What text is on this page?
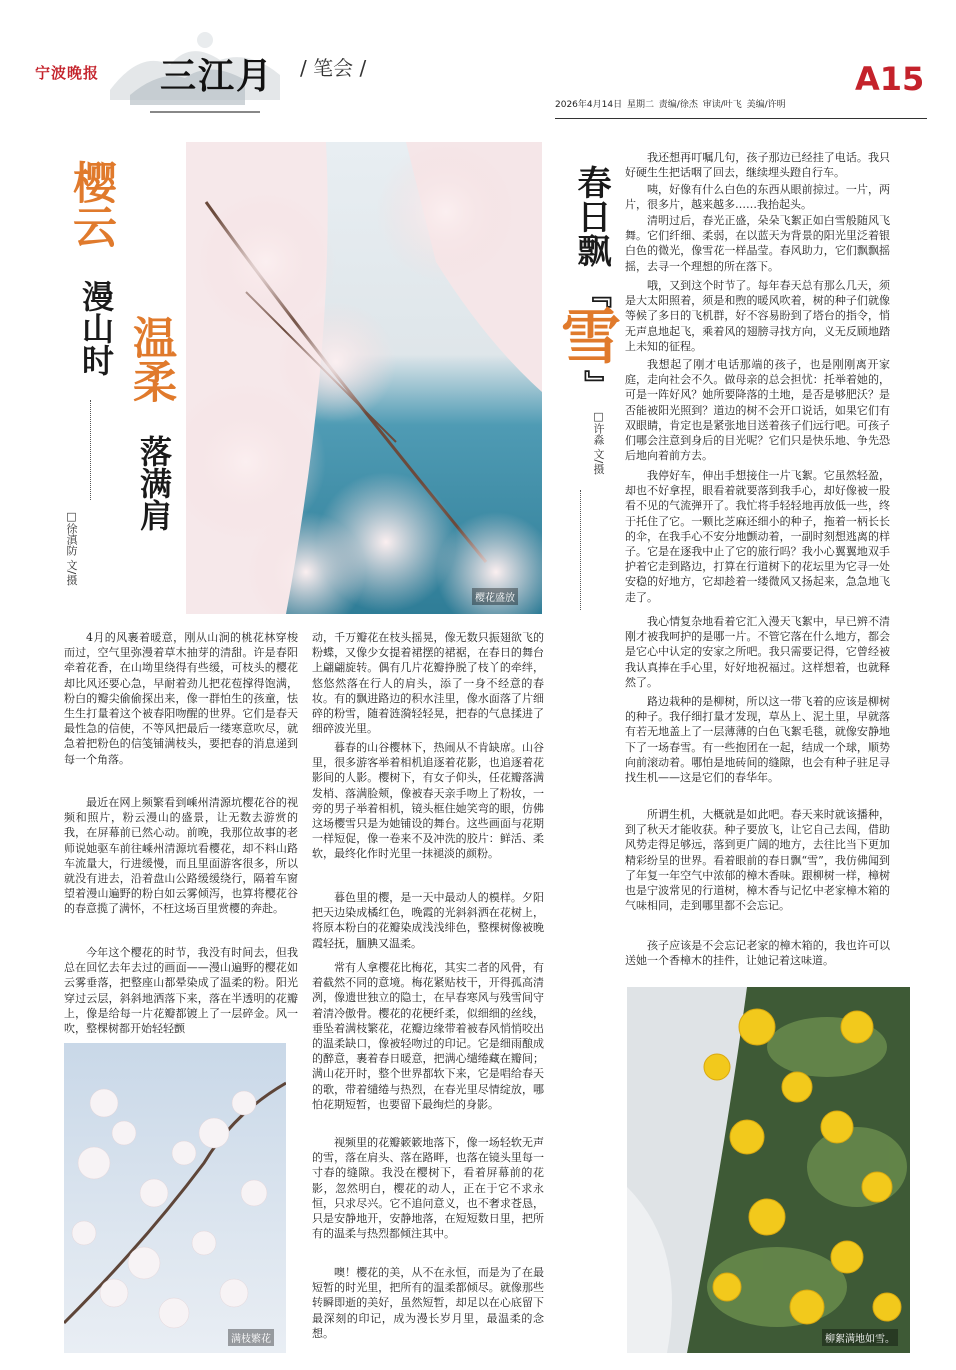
宁波晚报 三江月 / 笔会 /	A15
2026年4月14日 星期二 责编/徐杰 审读/叶飞 美编/许明
樱云
漫山时 温柔
落满肩
□徐滇防 文/摄
樱花盛放

4月的风裹着暖意，刚从山涧的桃花林穿梭而过，空气里弥漫着草木抽芽的清甜。许是春阳牵着花香，在山坳里绕得有些缓，可枝头的樱花却比风还要心急，早耐着劲儿把花苞撑得饱满，粉白的瓣尖偷偷探出来，像一群怕生的孩童，怯生生打量着这个被春阳吻醒的世界。它们是春天最性急的信使，不等风把最后一缕寒意吹尽，就急着把粉色的信笺铺满枝头，要把春的消息递到每一个角落。

最近在网上频繁看到嵊州清源坑樱花谷的视频和照片，粉云漫山的盛景，让无数去游赏的我，在屏幕前已然心动。前晚，我那位故事的老师说她驱车前往嵊州清源坑看樱花，却不料山路车流量大，行进缓慢，而且里面游客很多，所以就没有进去，沿着盘山公路缓缓绕行，隔着车窗望着漫山遍野的粉白如云雾倾泻，也算将樱花谷的春意揽了满怀，不枉这场百里赏樱的奔赴。

今年这个樱花的时节，我没有时间去，但我总在回忆去年去过的画面——漫山遍野的樱花如云雾垂落，把整座山都晕染成了温柔的粉。阳光穿过云层，斜斜地洒落下来，落在半透明的花瓣上，像是给每一片花瓣都镀上了一层碎金。风一吹，整棵树都开始轻轻颤

满枝繁花

动，千万瓣花在枝头摇晃，像无数只振翅欲飞的粉蝶，又像少女提着裙摆的裙裾，在春日的舞台上翩翩旋转。偶有几片花瓣挣脱了枝丫的牵绊，悠悠然落在行人的肩头，添了一身不经意的春妆。有的飘进路边的积水洼里，像水面落了片细碎的粉雪，随着涟漪轻轻晃，把春的气息揉进了细碎波光里。

暮春的山谷樱林下，热闹从不肯缺席。山谷里，很多游客举着相机追逐着花影，也追逐着花影间的人影。樱树下，有女子仰头，任花瓣落满发梢、落满脸颊，像被春天亲手吻上了粉妆，一旁的男子举着相机，镜头框住她笑弯的眼，仿佛这场樱雪只是为她铺设的舞台。这些画面与花期一样短促，像一卷来不及冲洗的胶片：鲜活、柔软，最终化作时光里一抹褪淡的颜粉。

暮色里的樱，是一天中最动人的模样。夕阳把天边染成橘红色，晚霞的光斜斜洒在花树上，将原本粉白的花瓣染成浅浅绯色，整棵树像被晚霞轻抚，腼腆又温柔。

常有人拿樱花比梅花，其实二者的风骨，有着截然不同的意境。梅花紧贴枝干，开得孤高清冽，像遗世独立的隐士，在早春寒风与残雪间守着清冷傲骨。樱花的花梗纤柔，似细细的丝线，垂坠着满枝繁花，花瓣边缘带着被春风悄悄咬出的温柔缺口，像被轻吻过的印记。它是细雨酿成的醉意，裹着春日暖意，把满心缱绻藏在瓣间；满山花开时，整个世界都软下来，它是唱给春天的歌，带着缱绻与热烈，在春光里尽情绽放，哪怕花期短暂，也要留下最绚烂的身影。

视频里的花瓣簌簌地落下，像一场轻软无声的雪，落在肩头、落在路畔，也落在镜头里每一寸春的缝隙。我没在樱树下，看着屏幕前的花影，忽然明白，樱花的动人，正在于它不求永恒，只求尽兴。它不追问意义，也不奢求苍恳，只是安静地开，安静地落，在短短数日里，把所有的温柔与热烈都倾注其中。

噢！樱花的美，从不在永恒，而是为了在最短暂的时光里，把所有的温柔都倾尽。就像那些转瞬即逝的美好，虽然短暂，却足以在心底留下最深刻的印记，成为漫长岁月里，最温柔的念想。

春日飘
『
雪
』
□许淼 文/摄

我还想再叮嘱几句，孩子那边已经挂了电话。我只好硬生生把话咽了回去，继续埋头蹬自行车。

咦，好像有什么白色的东西从眼前掠过。一片，两片，很多片，越来越多……我抬起头。

清明过后，春光正盛，朵朵飞絮正如白雪般随风飞舞。它们纤细、柔弱，在以蓝天为背景的阳光里泛着银白色的微光，像雪花一样晶莹。春风助力，它们飘飘摇摇，去寻一个理想的所在落下。

哦，又到这个时节了。每年春天总有那么几天，须是大太阳照着，须是和煦的暖风吹着，树的种子们就像等候了多日的飞机群，好不容易盼到了塔台的指令，悄无声息地起飞，乘着风的翅膀寻找方向，义无反顾地踏上未知的征程。

我想起了刚才电话那端的孩子，也是刚刚离开家庭，走向社会不久。做母亲的总会担忧：托举着她的，可是一阵好风？她所要降落的土地，是否是够肥沃？是否能被阳光照到？道边的树不会开口说话，如果它们有双眼睛，肯定也是紧张地目送着孩子们远行吧。可孩子们哪会注意到身后的目光呢？它们只是快乐地、争先恐后地向着前方去。

我停好车，伸出手想接住一片飞絮。它虽然轻盈，却也不好拿捏，眼看着就要落到我手心，却好像被一股看不见的气流弹开了。我忙将手轻轻地再放低一些，终于托住了它。一颗比芝麻还细小的种子，拖着一柄长长的伞，在我手心不安分地颤动着，一副时刻想逃离的样子。它是在逐我中止了它的旅行吗？我小心翼翼地双手护着它走到路边，打算在行道树下的花坛里为它寻一处安稳的好地方，它却趁着一缕微风又扬起来，急急地飞走了。

我心情复杂地看着它汇入漫天飞絮中，早已辨不清刚才被我呵护的是哪一片。不管它落在什么地方，都会是它心中认定的安家之所吧。我只需要记得，它曾经被我认真捧在手心里，好好地祝福过。这样想着，也就释然了。

路边栽种的是柳树，所以这一带飞着的应该是柳树的种子。我仔细打量才发现，草丛上、泥土里，早就落有若无地盖上了一层薄薄的白色飞絮毛毯，就像安静地下了一场春雪。有一些抱团在一起，结成一个球，顺势向前滚动着。哪怕是地砖间的缝隙，也会有种子驻足寻找生机——这是它们的春华年。

所谓生机，大概就是如此吧。春天来时就该播种，到了秋天才能收获。种子要放飞，让它自己去闯，借助风势走得足够远，落到更广阔的地方，去往比当下更加精彩纷呈的世界。看着眼前的春日飘“雪”，我仿佛闻到了年复一年空气中浓郁的樟木香味。跟柳树一样，樟树也是宁波常见的行道树，樟木香与记忆中老家樟木箱的气味相同，走到哪里都不会忘记。

孩子应该是不会忘记老家的樟木箱的，我也许可以送她一个香樟木的挂件，让她记着这味道。

柳絮满地如雪。
